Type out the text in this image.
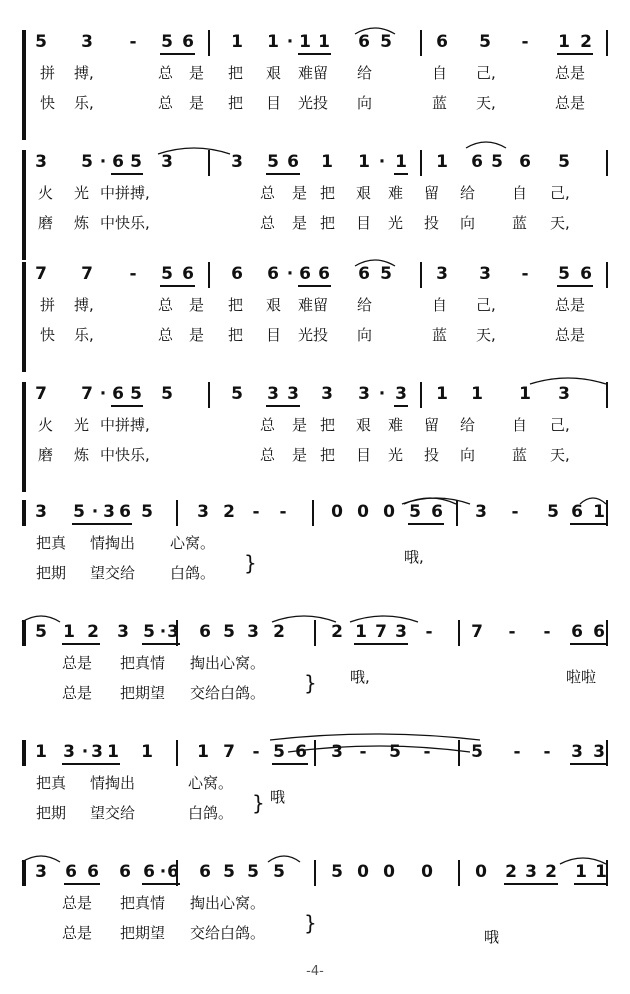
5 3 - 5 6 1 1 · 1 1 6 5	6 5 - 1 2
拼 搏,	总 是 把 艰 难留 给	自 己,	总是
快 乐,	总 是 把 目 光投 向	蓝 天,	总是
3 5 · 6 5 3	3 5 6 1 1 · 1 1 6 5 6 5
火 光 中拼搏,	总 是 把 艰 难 留 给 自 己,
磨 炼 中快乐,	总 是 把 目 光 投 向 蓝 天,
7 7 - 5 6 6 6 · 6 6 6 5	3 3 - 5 6
拼 搏,	总 是 把 艰 难留 给	自 己,	总是
快 乐,	总 是 把 目 光投 向	蓝 天,	总是
7 7 · 6 5 5	5 3 3 3 3 · 3 1 1 1 3
火 光 中拼搏,	总 是 把 艰 难 留 给 自 己,
磨 炼 中快乐,	总 是 把 目 光 投 向 蓝 天,
3 5 · 3 6 5	3 2 - -	0 0 0 5 6 3 - 5 6 1
把真 情掏出 心窝。
把期 望交给 白鸽。 }	哦,
5 1 2 3 5 · 3 6 5 3 2	2 1 7 3 - 7 - - 6 6
总是 把真情 掏出心窝。
总是 把期望 交给白鸽。 } 哦,	啦啦
1 3 · 3 1 1	1 7 - 5 6 3 - 5 - 5 - - 3 3
把真 情掏出	心窝。
把期 望交给	白鸽。 } 哦
3 6 6 6 6 · 6 6 5 5 5	5 0 0 0 0 2 3 2 1 1
总是 把真情 掏出心窝。
总是 把期望 交给白鸽。 }
哦
-4-
